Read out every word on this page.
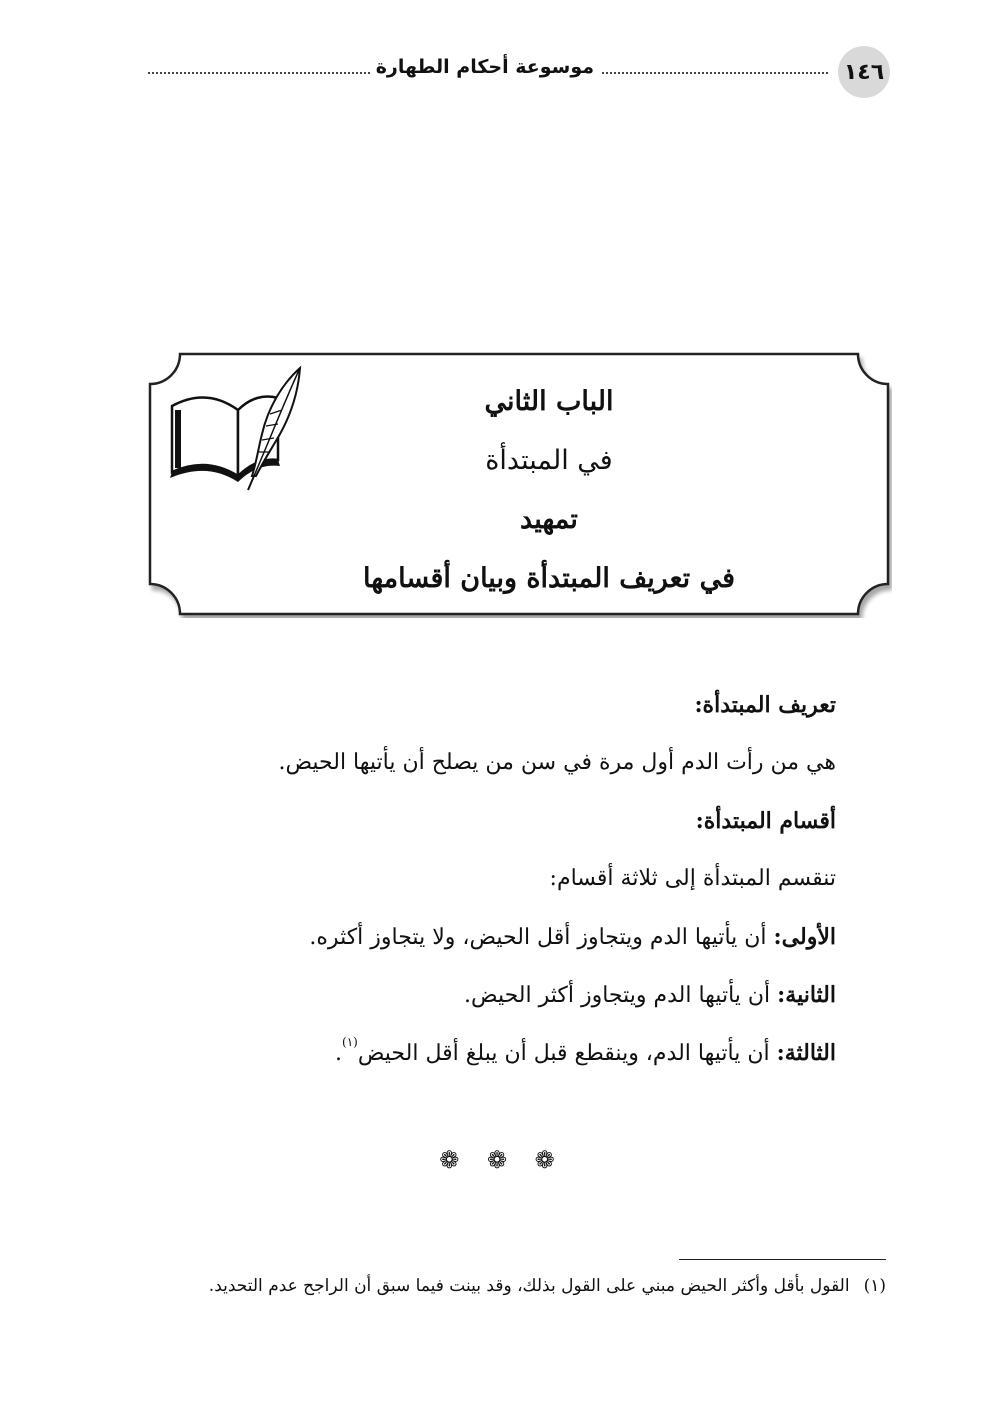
١٤٦
موسوعة أحكام الطهارة
الباب الثاني
في المبتدأة
تمهيد
في تعريف المبتدأة وبيان أقسامها

تعريف المبتدأة:

هي من رأت الدم أول مرة في سن من يصلح أن يأتيها الحيض.

أقسام المبتدأة:

تنقسم المبتدأة إلى ثلاثة أقسام:

الأولى: أن يأتيها الدم ويتجاوز أقل الحيض، ولا يتجاوز أكثره.

الثانية: أن يأتيها الدم ويتجاوز أكثر الحيض.

الثالثة: أن يأتيها الدم، وينقطع قبل أن يبلغ أقل الحيض$^{(١)}$.

❁ ❁ ❁
(١)القول بأقل وأكثر الحيض مبني على القول بذلك، وقد بينت فيما سبق أن الراجح عدم التحديد.
